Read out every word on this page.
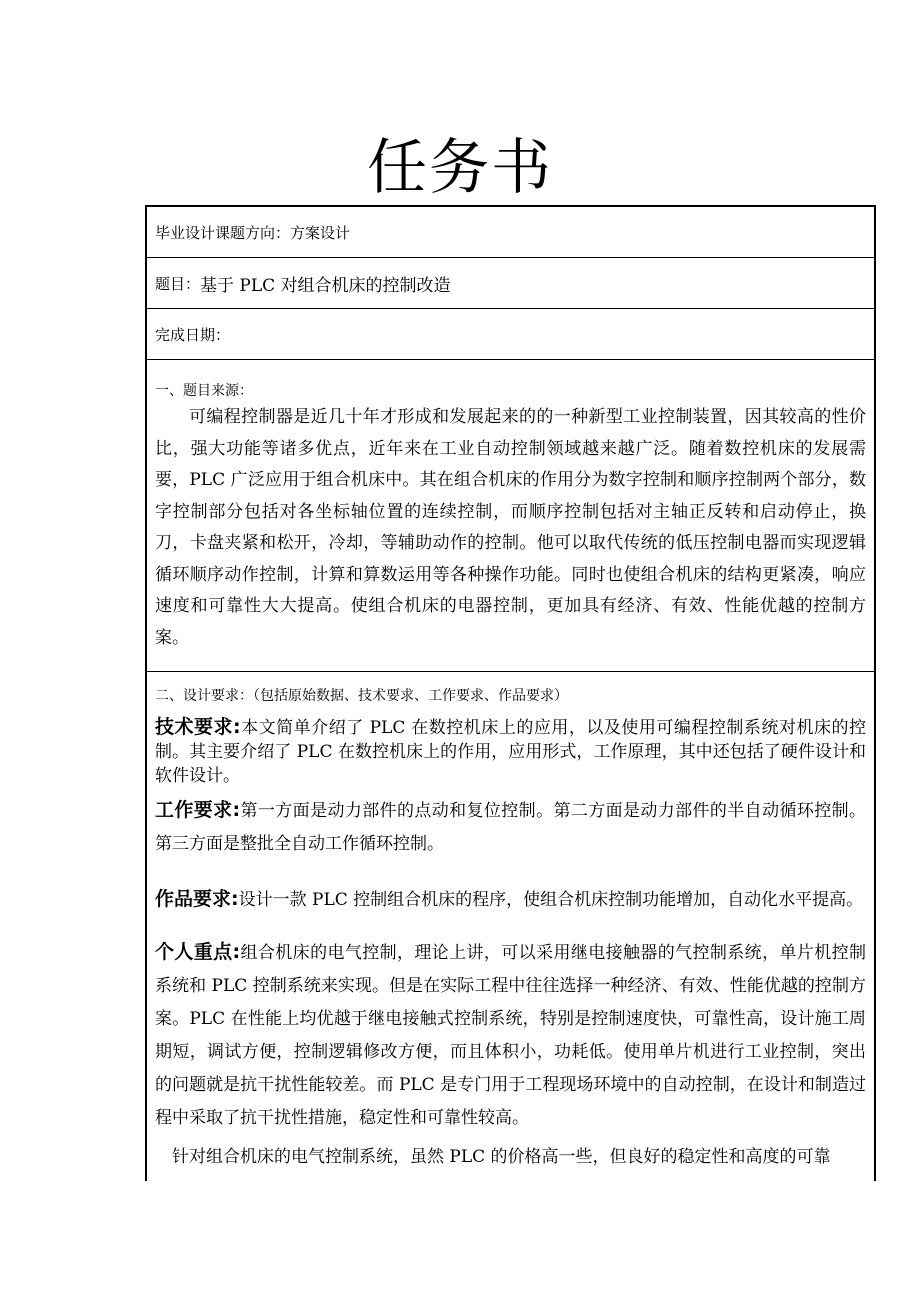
任务书
毕业设计课题方向：方案设计
题目： 基于 PLC 对组合机床的控制改造
完成日期：
一、题目来源：
可编程控制器是近几十年才形成和发展起来的的一种新型工业控制装置，因其较高的性价比，强大功能等诸多优点，近年来在工业自动控制领域越来越广泛。随着数控机床的发展需要，PLC 广泛应用于组合机床中。其在组合机床的作用分为数字控制和顺序控制两个部分，数字控制部分包括对各坐标轴位置的连续控制，而顺序控制包括对主轴正反转和启动停止，换刀，卡盘夹紧和松开，冷却，等辅助动作的控制。他可以取代传统的低压控制电器而实现逻辑循环顺序动作控制，计算和算数运用等各种操作功能。同时也使组合机床的结构更紧凑，响应速度和可靠性大大提高。使组合机床的电器控制，更加具有经济、有效、性能优越的控制方案。
二、设计要求：（包括原始数据、技术要求、工作要求、作品要求）
技术要求:本文简单介绍了 PLC 在数控机床上的应用，以及使用可编程控制系统对机床的控制。其主要介绍了 PLC 在数控机床上的作用，应用形式，工作原理，其中还包括了硬件设计和软件设计。
工作要求:第一方面是动力部件的点动和复位控制。第二方面是动力部件的半自动循环控制。第三方面是整批全自动工作循环控制。
作品要求:设计一款 PLC 控制组合机床的程序，使组合机床控制功能增加，自动化水平提高。
个人重点:组合机床的电气控制，理论上讲，可以采用继电接触器的气控制系统，单片机控制系统和 PLC 控制系统来实现。但是在实际工程中往往选择一种经济、有效、性能优越的控制方案。PLC 在性能上均优越于继电接触式控制系统，特别是控制速度快，可靠性高，设计施工周期短，调试方便，控制逻辑修改方便，而且体积小，功耗低。使用单片机进行工业控制，突出的问题就是抗干扰性能较差。而 PLC 是专门用于工程现场环境中的自动控制，在设计和制造过程中采取了抗干扰性措施，稳定性和可靠性较高。
针对组合机床的电气控制系统，虽然 PLC 的价格高一些，但良好的稳定性和高度的可靠
